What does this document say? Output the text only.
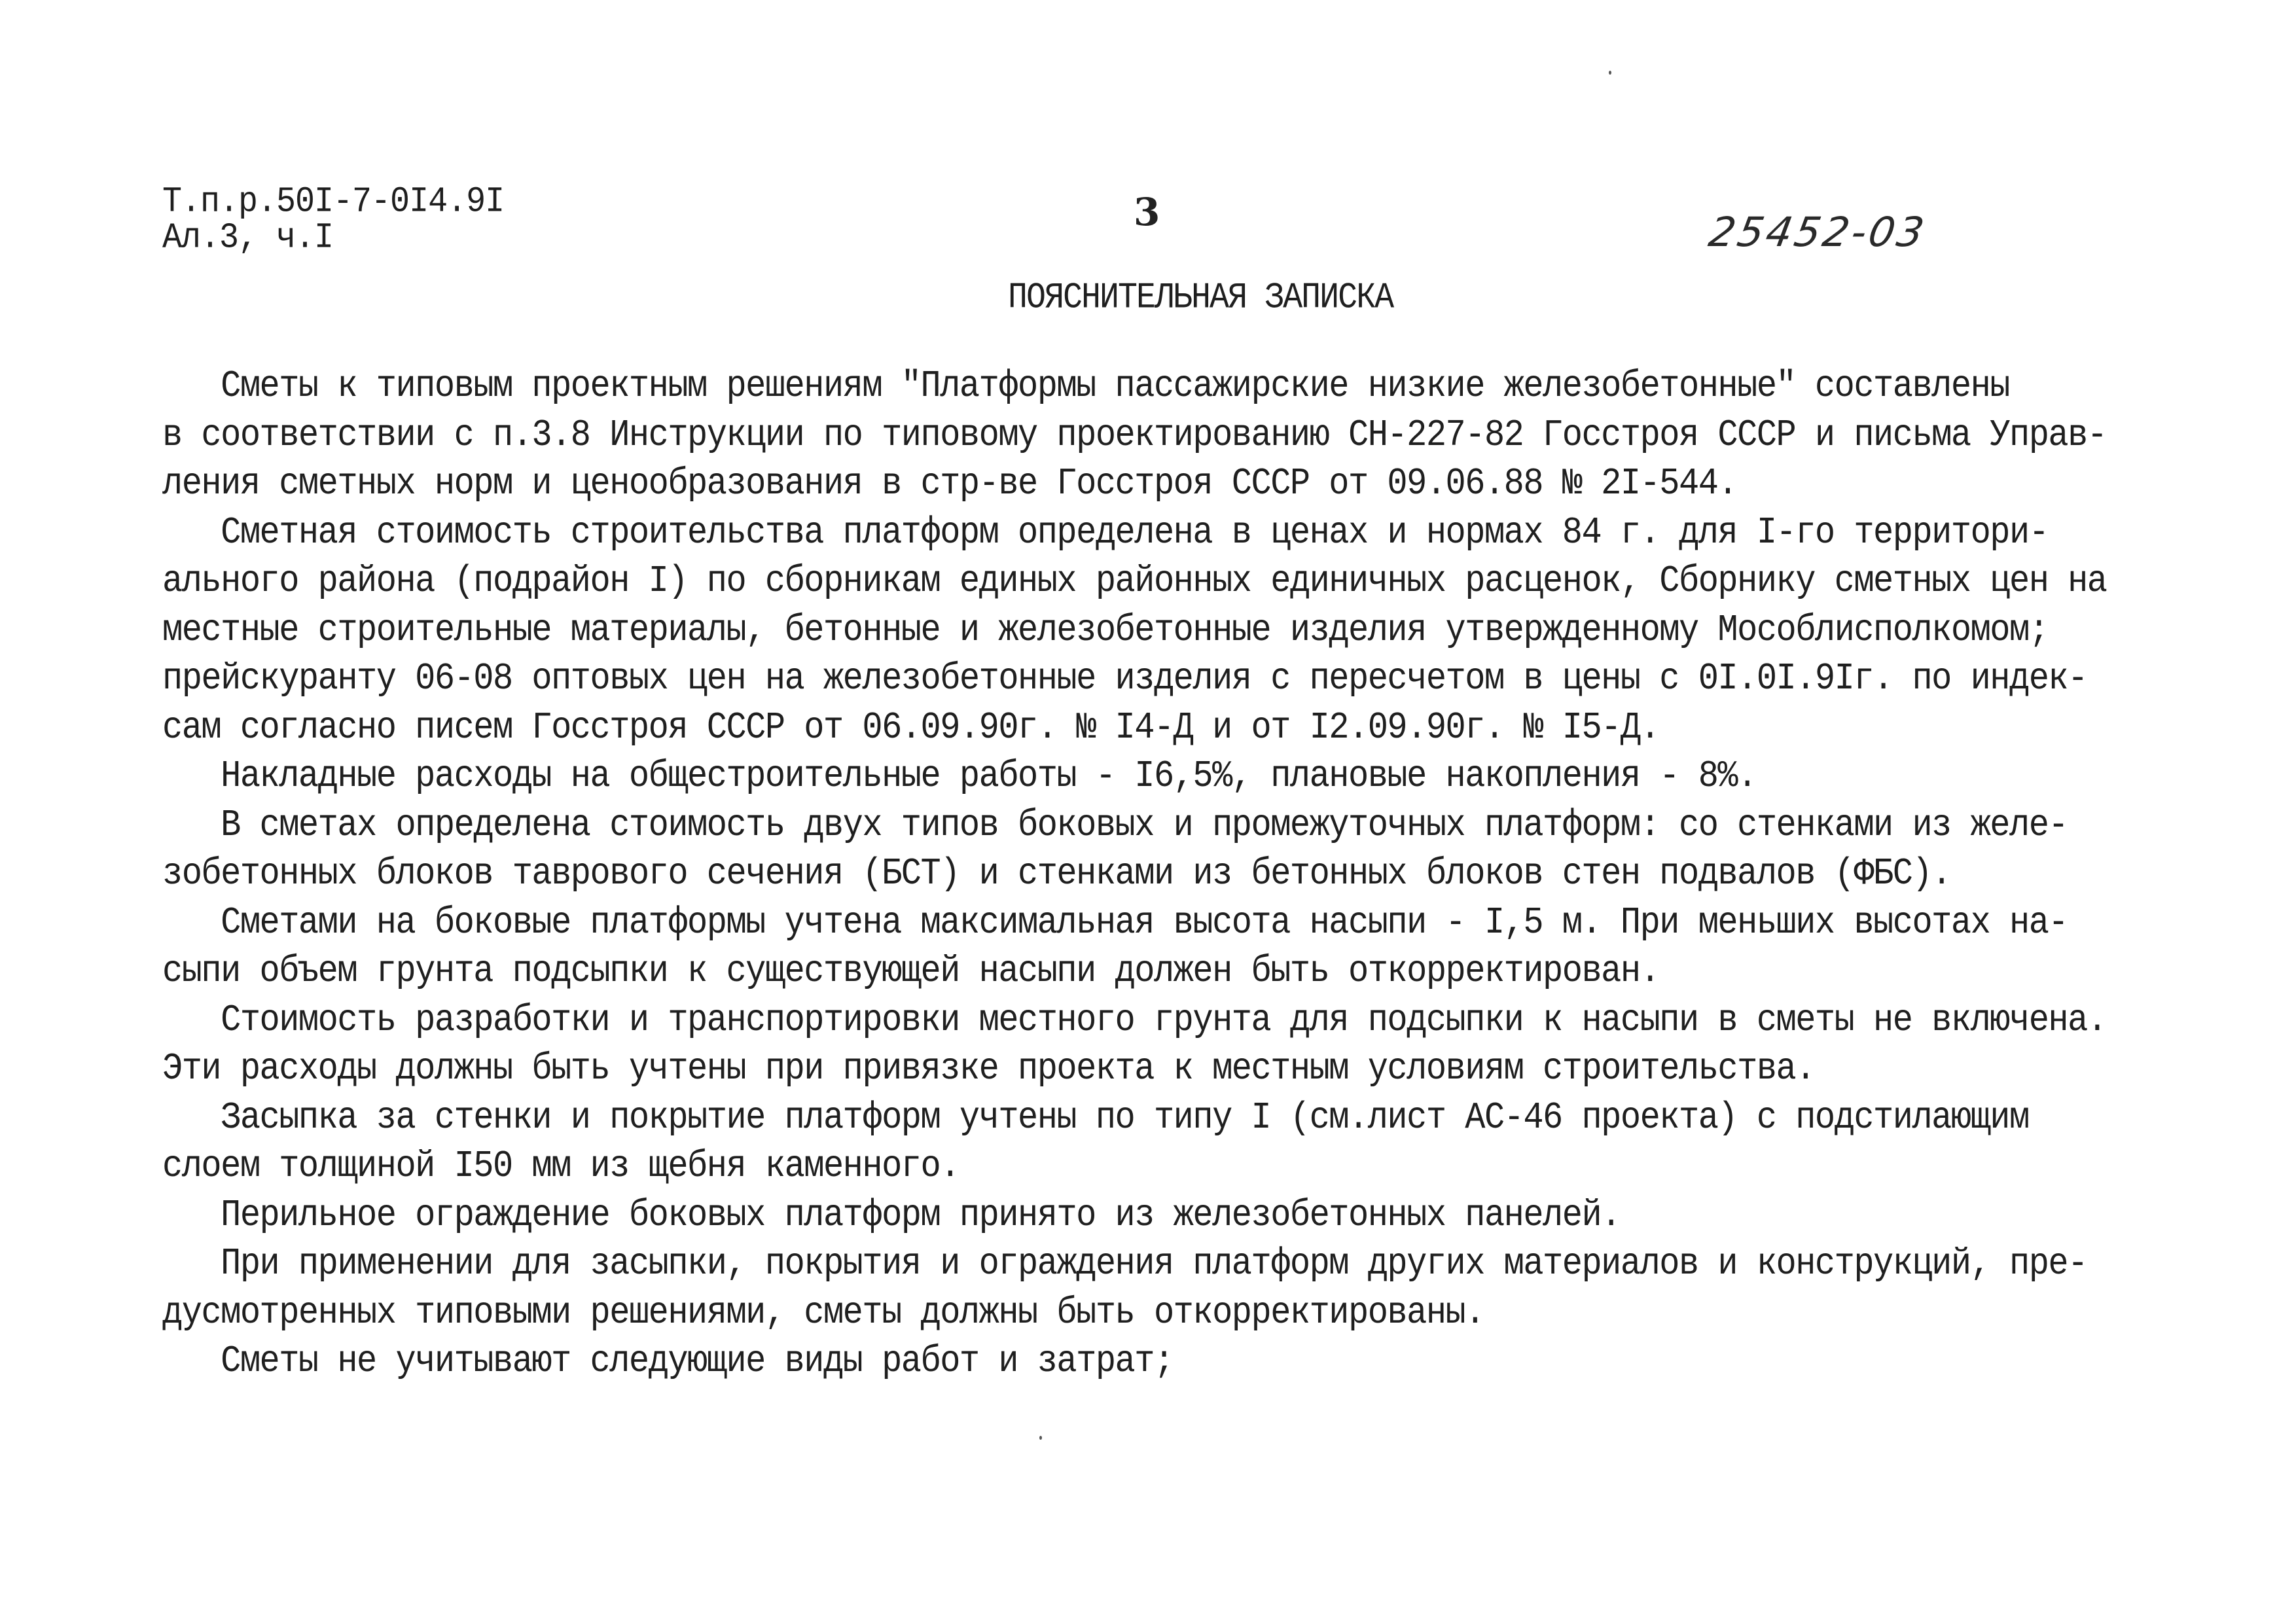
Т.п.р.50I-7-0I4.9I
Ал.3, ч.I
3	25452-03
ПОЯСНИТЕЛЬНАЯ ЗАПИСКА
Сметы к типовым проектным решениям "Платформы пассажирские низкие железобетонные" составлены
в соответствии с п.3.8 Инструкции по типовому проектированию СН-227-82 Госстроя СССР и письма Управ-
ления сметных норм и ценообразования в стр-ве Госстроя СССР от 09.06.88 № 2I-544.
Сметная стоимость строительства платформ определена в ценах и нормах 84 г. для I-го территори-
ального района (подрайон I) по сборникам единых районных единичных расценок, Сборнику сметных цен на
местные строительные материалы, бетонные и железобетонные изделия утвержденному Мособлисполкомом;
прейскуранту 06-08 оптовых цен на железобетонные изделия с пересчетом в цены с 0I.0I.9Iг. по индек-
сам согласно писем Госстроя СССР от 06.09.90г. № I4-Д и от I2.09.90г. № I5-Д.
Накладные расходы на общестроительные работы - I6,5%, плановые накопления - 8%.
В сметах определена стоимость двух типов боковых и промежуточных платформ: со стенками из желе-
зобетонных блоков таврового сечения (БСТ) и стенками из бетонных блоков стен подвалов (ФБС).
Сметами на боковые платформы учтена максимальная высота насыпи - I,5 м. При меньших высотах на-
сыпи объем грунта подсыпки к существующей насыпи должен быть откорректирован.
Стоимость разработки и транспортировки местного грунта для подсыпки к насыпи в сметы не включена.
Эти расходы должны быть учтены при привязке проекта к местным условиям строительства.
Засыпка за стенки и покрытие платформ учтены по типу I (см.лист АС-46 проекта) с подстилающим
слоем толщиной I50 мм из щебня каменного.
Перильное ограждение боковых платформ принято из железобетонных панелей.
При применении для засыпки, покрытия и ограждения платформ других материалов и конструкций, пре-
дусмотренных типовыми решениями, сметы должны быть откорректированы.
Сметы не учитывают следующие виды работ и затрат;
